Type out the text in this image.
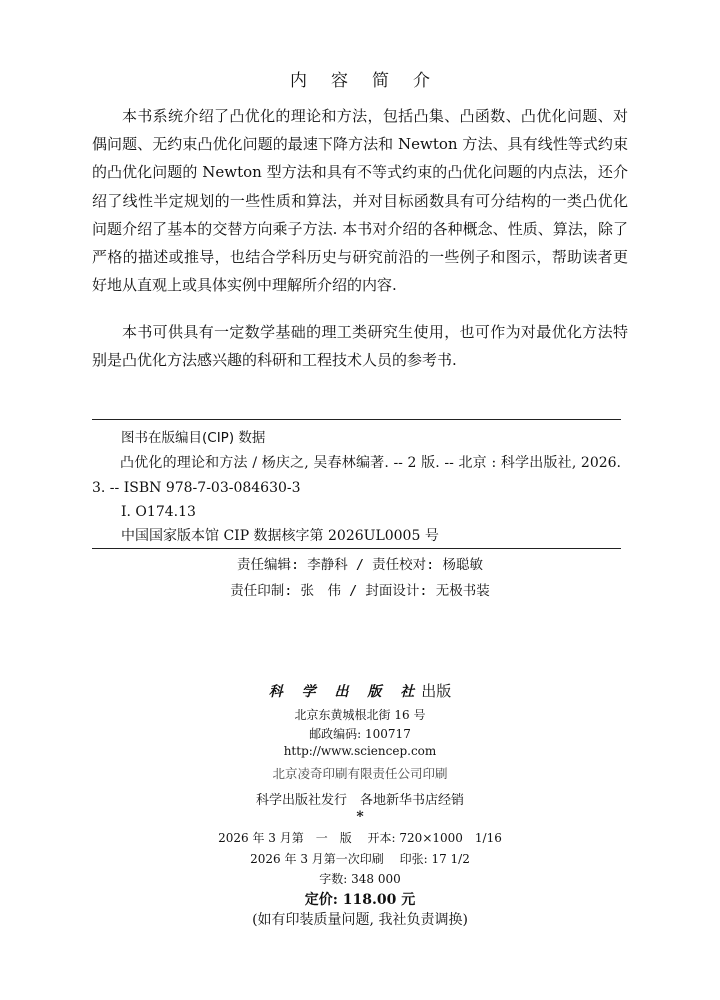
内容简介

本书系统介绍了凸优化的理论和方法，包括凸集、凸函数、凸优化问题、对偶问题、无约束凸优化问题的最速下降方法和 Newton 方法、具有线性等式约束的凸优化问题的 Newton 型方法和具有不等式约束的凸优化问题的内点法，还介绍了线性半定规划的一些性质和算法，并对目标函数具有可分结构的一类凸优化问题介绍了基本的交替方向乘子方法. 本书对介绍的各种概念、性质、算法，除了严格的描述或推导，也结合学科历史与研究前沿的一些例子和图示，帮助读者更好地从直观上或具体实例中理解所介绍的内容.

本书可供具有一定数学基础的理工类研究生使用，也可作为对最优化方法特别是凸优化方法感兴趣的科研和工程技术人员的参考书.

图书在版编目(CIP) 数据
凸优化的理论和方法 / 杨庆之, 吴春林编著. -- 2 版. -- 北京 : 科学出版社, 2026. 3. -- ISBN 978-7-03-084630-3
I. O174.13
中国国家版本馆 CIP 数据核字第 2026UL0005 号
责任编辑: 李静科 / 责任校对: 杨聪敏
责任印制: 张　伟 / 封面设计: 无极书装
科 学 出 版 社出版
北京东黄城根北街 16 号
邮政编码: 100717
http://www.sciencep.com
北京凌奇印刷有限责任公司印刷
科学出版社发行　各地新华书店经销
*
2026 年 3 月第　一　版　 开本: 720×1000　1/16
2026 年 3 月第一次印刷　 印张: 17 1/2
字数: 348 000
定价: 118.00 元
(如有印装质量问题, 我社负责调换)
